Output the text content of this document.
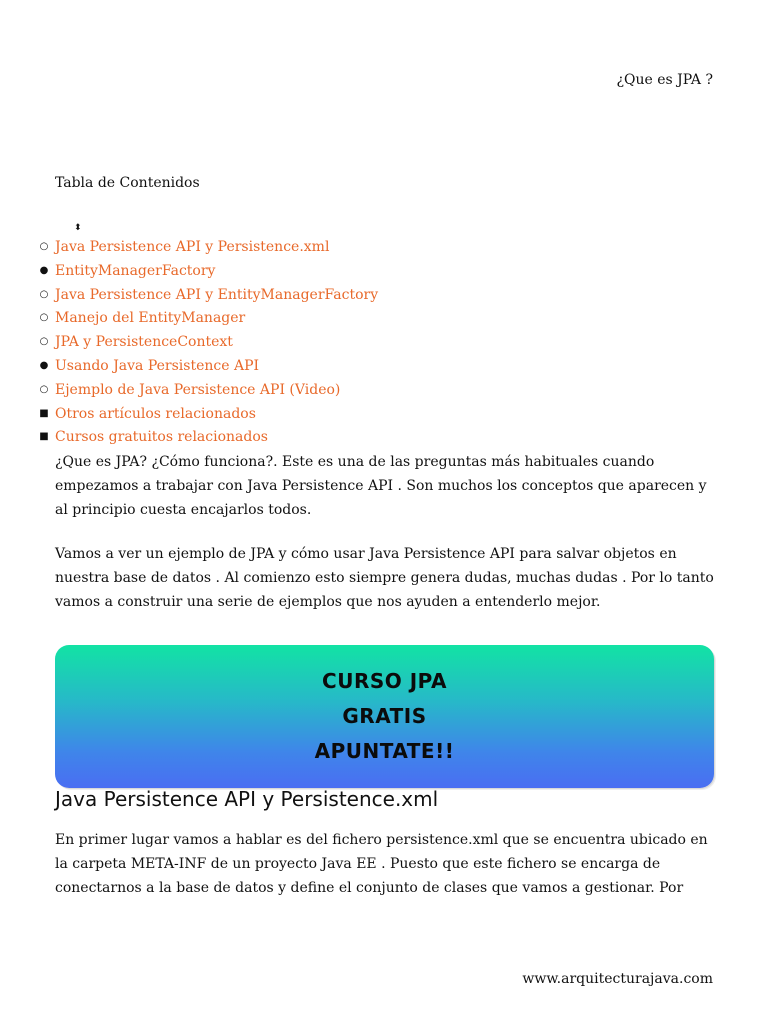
¿Que es JPA ?
Tabla de Contenidos
⬍
○ Java Persistence API y Persistence.xml
● EntityManagerFactory
○ Java Persistence API y EntityManagerFactory
○ Manejo del EntityManager
○ JPA y PersistenceContext
● Usando Java Persistence API
○ Ejemplo de Java Persistence API (Video)
■ Otros artículos relacionados
■ Cursos gratuitos relacionados

¿Que es JPA? ¿Cómo funciona?. Este es una de las preguntas más habituales cuando empezamos a trabajar con Java Persistence API . Son muchos los conceptos que aparecen y al principio cuesta encajarlos todos.

Vamos a ver un ejemplo de JPA y cómo usar Java Persistence API para salvar objetos en nuestra base de datos . Al comienzo esto siempre genera dudas, muchas dudas . Por lo tanto vamos a construir una serie de ejemplos que nos ayuden a entenderlo mejor.

CURSO JPA
GRATIS
APUNTATE!!
Java Persistence API y Persistence.xml

En primer lugar vamos a hablar es del fichero persistence.xml que se encuentra ubicado en la carpeta META-INF de un proyecto Java EE . Puesto que este fichero se encarga de conectarnos a la base de datos y define el conjunto de clases que vamos a gestionar. Por

www.arquitecturajava.com
